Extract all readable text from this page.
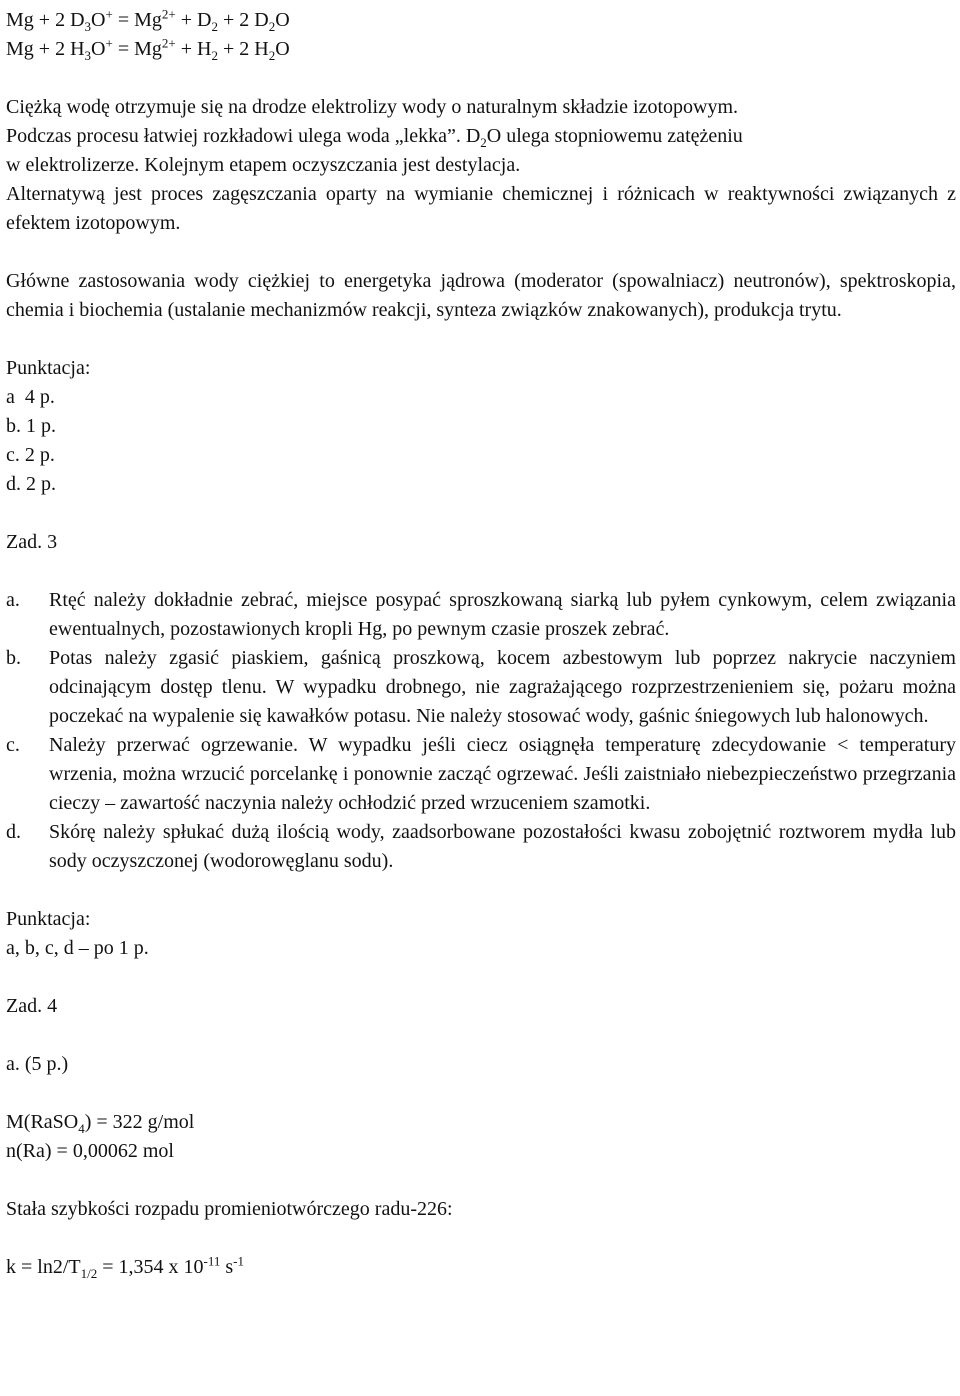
Mg + 2 $D_3O^+ = Mg^{2+} + D_2 + 2$ $D_2O$
Mg + 2 $H_3O^+ = Mg^{2+} + H_2 + 2$ $H_2O$
Ciężką wodę otrzymuje się na drodze elektrolizy wody o naturalnym składzie izotopowym.
Podczas procesu łatwiej rozkładowi ulega woda „lekka”. $D_2O$ ulega stopniowemu zatężeniu
w elektrolizerze. Kolejnym etapem oczyszczania jest destylacja.
Alternatywą jest proces zagęszczania oparty na wymianie chemicznej i różnicach w reaktywności związanych z efektem izotopowym.
Główne zastosowania wody ciężkiej to energetyka jądrowa (moderator (spowalniacz) neutronów), spektroskopia, chemia i biochemia (ustalanie mechanizmów reakcji, synteza związków znakowanych), produkcja trytu.
Punktacja:
a  4 p.
b. 1 p.
c. 2 p.
d. 2 p.
Zad. 3
a.	Rtęć należy dokładnie zebrać, miejsce posypać sproszkowaną siarką lub pyłem cynkowym, celem związania ewentualnych, pozostawionych kropli Hg, po pewnym czasie proszek zebrać.
b.	Potas należy zgasić piaskiem, gaśnicą proszkową, kocem azbestowym lub poprzez nakrycie naczyniem odcinającym dostęp tlenu. W wypadku drobnego, nie zagrażającego rozprzestrzenieniem się, pożaru można poczekać na wypalenie się kawałków potasu. Nie należy stosować wody, gaśnic śniegowych lub halonowych.
c.	Należy przerwać ogrzewanie. W wypadku jeśli ciecz osiągnęła temperaturę zdecydowanie < temperatury wrzenia, można wrzucić porcelankę i ponownie zacząć ogrzewać. Jeśli zaistniało niebezpieczeństwo przegrzania cieczy – zawartość naczynia należy ochłodzić przed wrzuceniem szamotki.
d.	Skórę należy spłukać dużą ilością wody, zaadsorbowane pozostałości kwasu zobojętnić roztworem mydła lub sody oczyszczonej (wodorowęglanu sodu).
Punktacja:
a, b, c, d – po 1 p.
Zad. 4
a. (5 p.)
M(RaSO$_4$) = 322 g/mol
n(Ra) = 0,00062 mol
Stała szybkości rozpadu promieniotwórczego radu-226:
$k = \ln 2/T_{1/2} = 1,354$ x $10^{-11}$ $s^{-1}$
